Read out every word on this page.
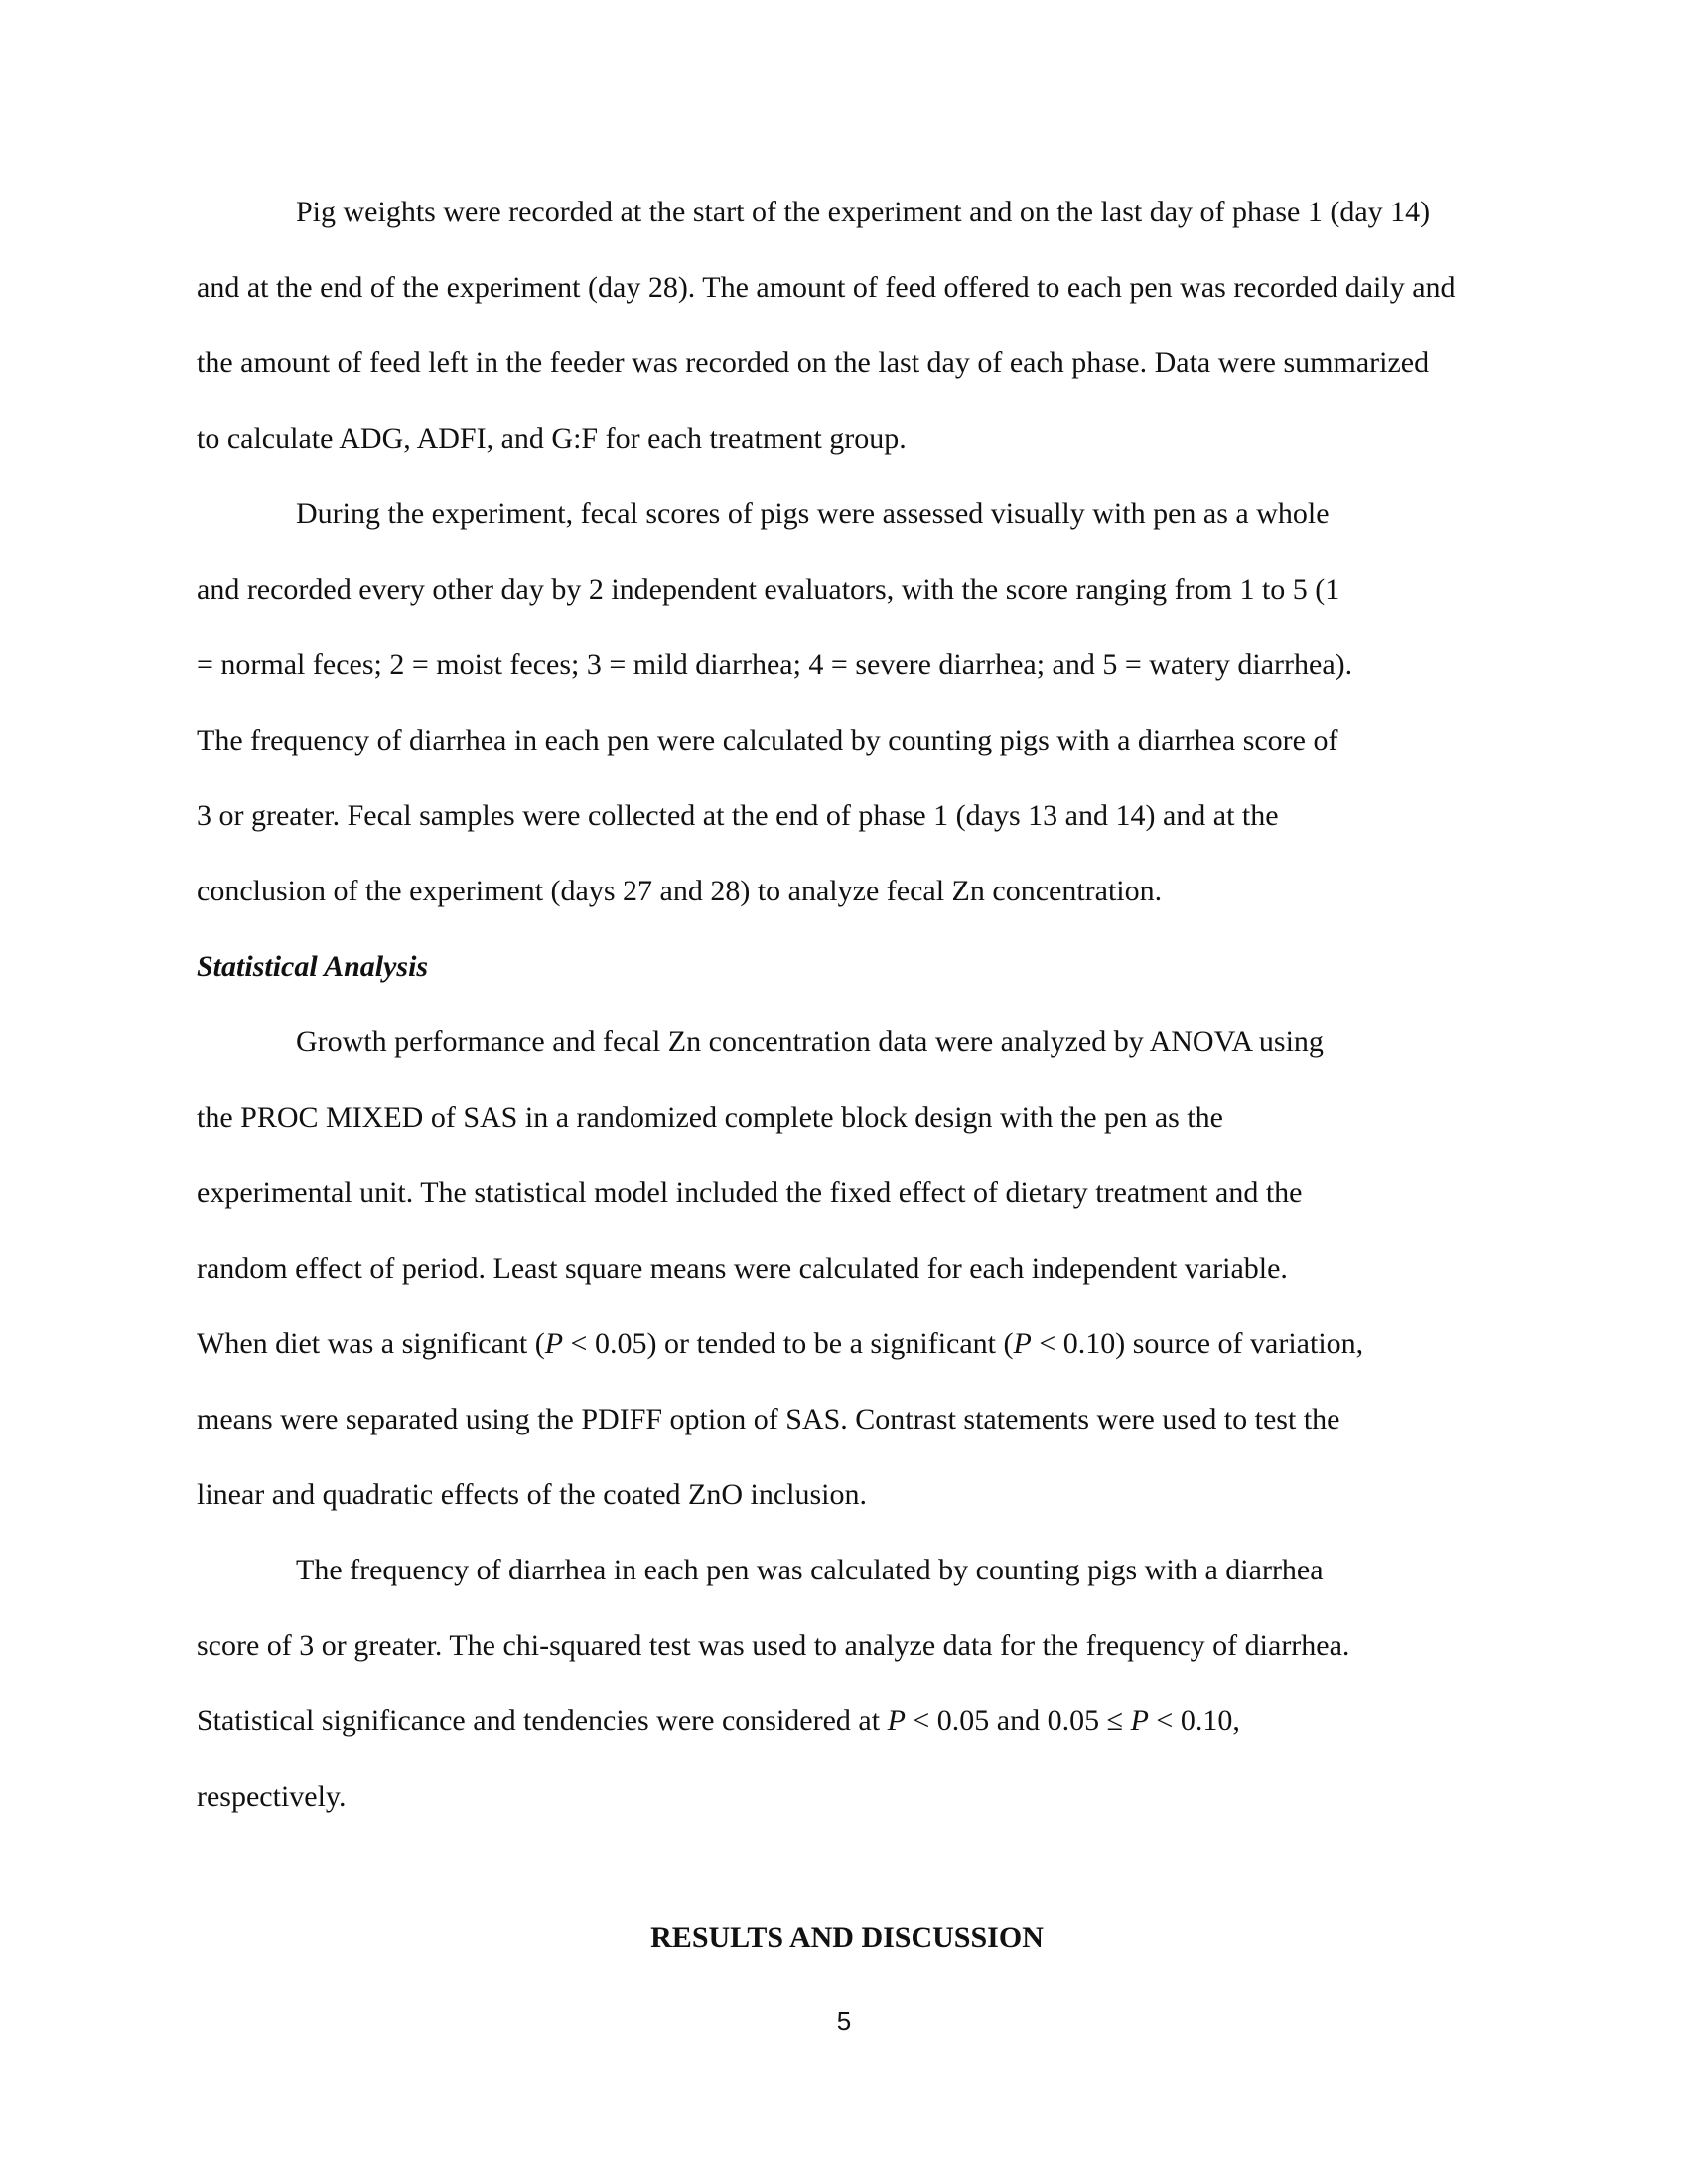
Pig weights were recorded at the start of the experiment and on the last day of phase 1 (day 14)
and at the end of the experiment (day 28). The amount of feed offered to each pen was recorded daily and
the amount of feed left in the feeder was recorded on the last day of each phase. Data were summarized
to calculate ADG, ADFI, and G:F for each treatment group.
During the experiment, fecal scores of pigs were assessed visually with pen as a whole
and recorded every other day by 2 independent evaluators, with the score ranging from 1 to 5 (1
= normal feces; 2 = moist feces; 3 = mild diarrhea; 4 = severe diarrhea; and 5 = watery diarrhea).
The frequency of diarrhea in each pen were calculated by counting pigs with a diarrhea score of
3 or greater. Fecal samples were collected at the end of phase 1 (days 13 and 14) and at the
conclusion of the experiment (days 27 and 28) to analyze fecal Zn concentration.
Statistical Analysis
Growth performance and fecal Zn concentration data were analyzed by ANOVA using
the PROC MIXED of SAS in a randomized complete block design with the pen as the
experimental unit. The statistical model included the fixed effect of dietary treatment and the
random effect of period. Least square means were calculated for each independent variable.
When diet was a significant (P < 0.05) or tended to be a significant (P < 0.10) source of variation,
means were separated using the PDIFF option of SAS. Contrast statements were used to test the
linear and quadratic effects of the coated ZnO inclusion.
The frequency of diarrhea in each pen was calculated by counting pigs with a diarrhea
score of 3 or greater. The chi-squared test was used to analyze data for the frequency of diarrhea.
Statistical significance and tendencies were considered at P < 0.05 and 0.05 ≤ P < 0.10,
respectively.
RESULTS AND DISCUSSION
5
